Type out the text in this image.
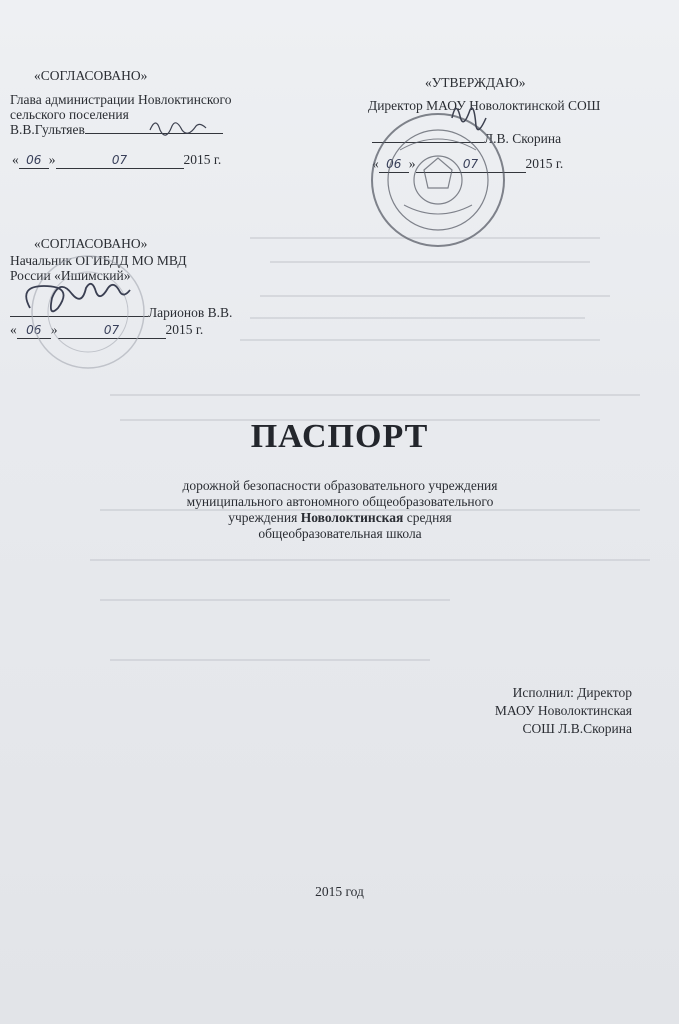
«СОГЛАСОВАНО»
Глава администрации Новлоктинского
сельского поселения
В.В.Гультяев
« 06 »	07	2015 г.
«УТВЕРЖДАЮ»
Директор МАОУ Новолоктинской СОШ
Л.В. Скорина
« 06 »	07	2015 г.
«СОГЛАСОВАНО»
Начальник ОГИБДД МО МВД
России «Ишимский»
Ларионов В.В.
« 06 »	07	2015 г.
ПАСПОРТ
дорожной безопасности образовательного учреждения
муниципального автономного общеобразовательного
учреждения Новолоктинская средняя
общеобразовательная школа
Исполнил: Директор
МАОУ Новолоктинская
СОШ Л.В.Скорина
2015 год
